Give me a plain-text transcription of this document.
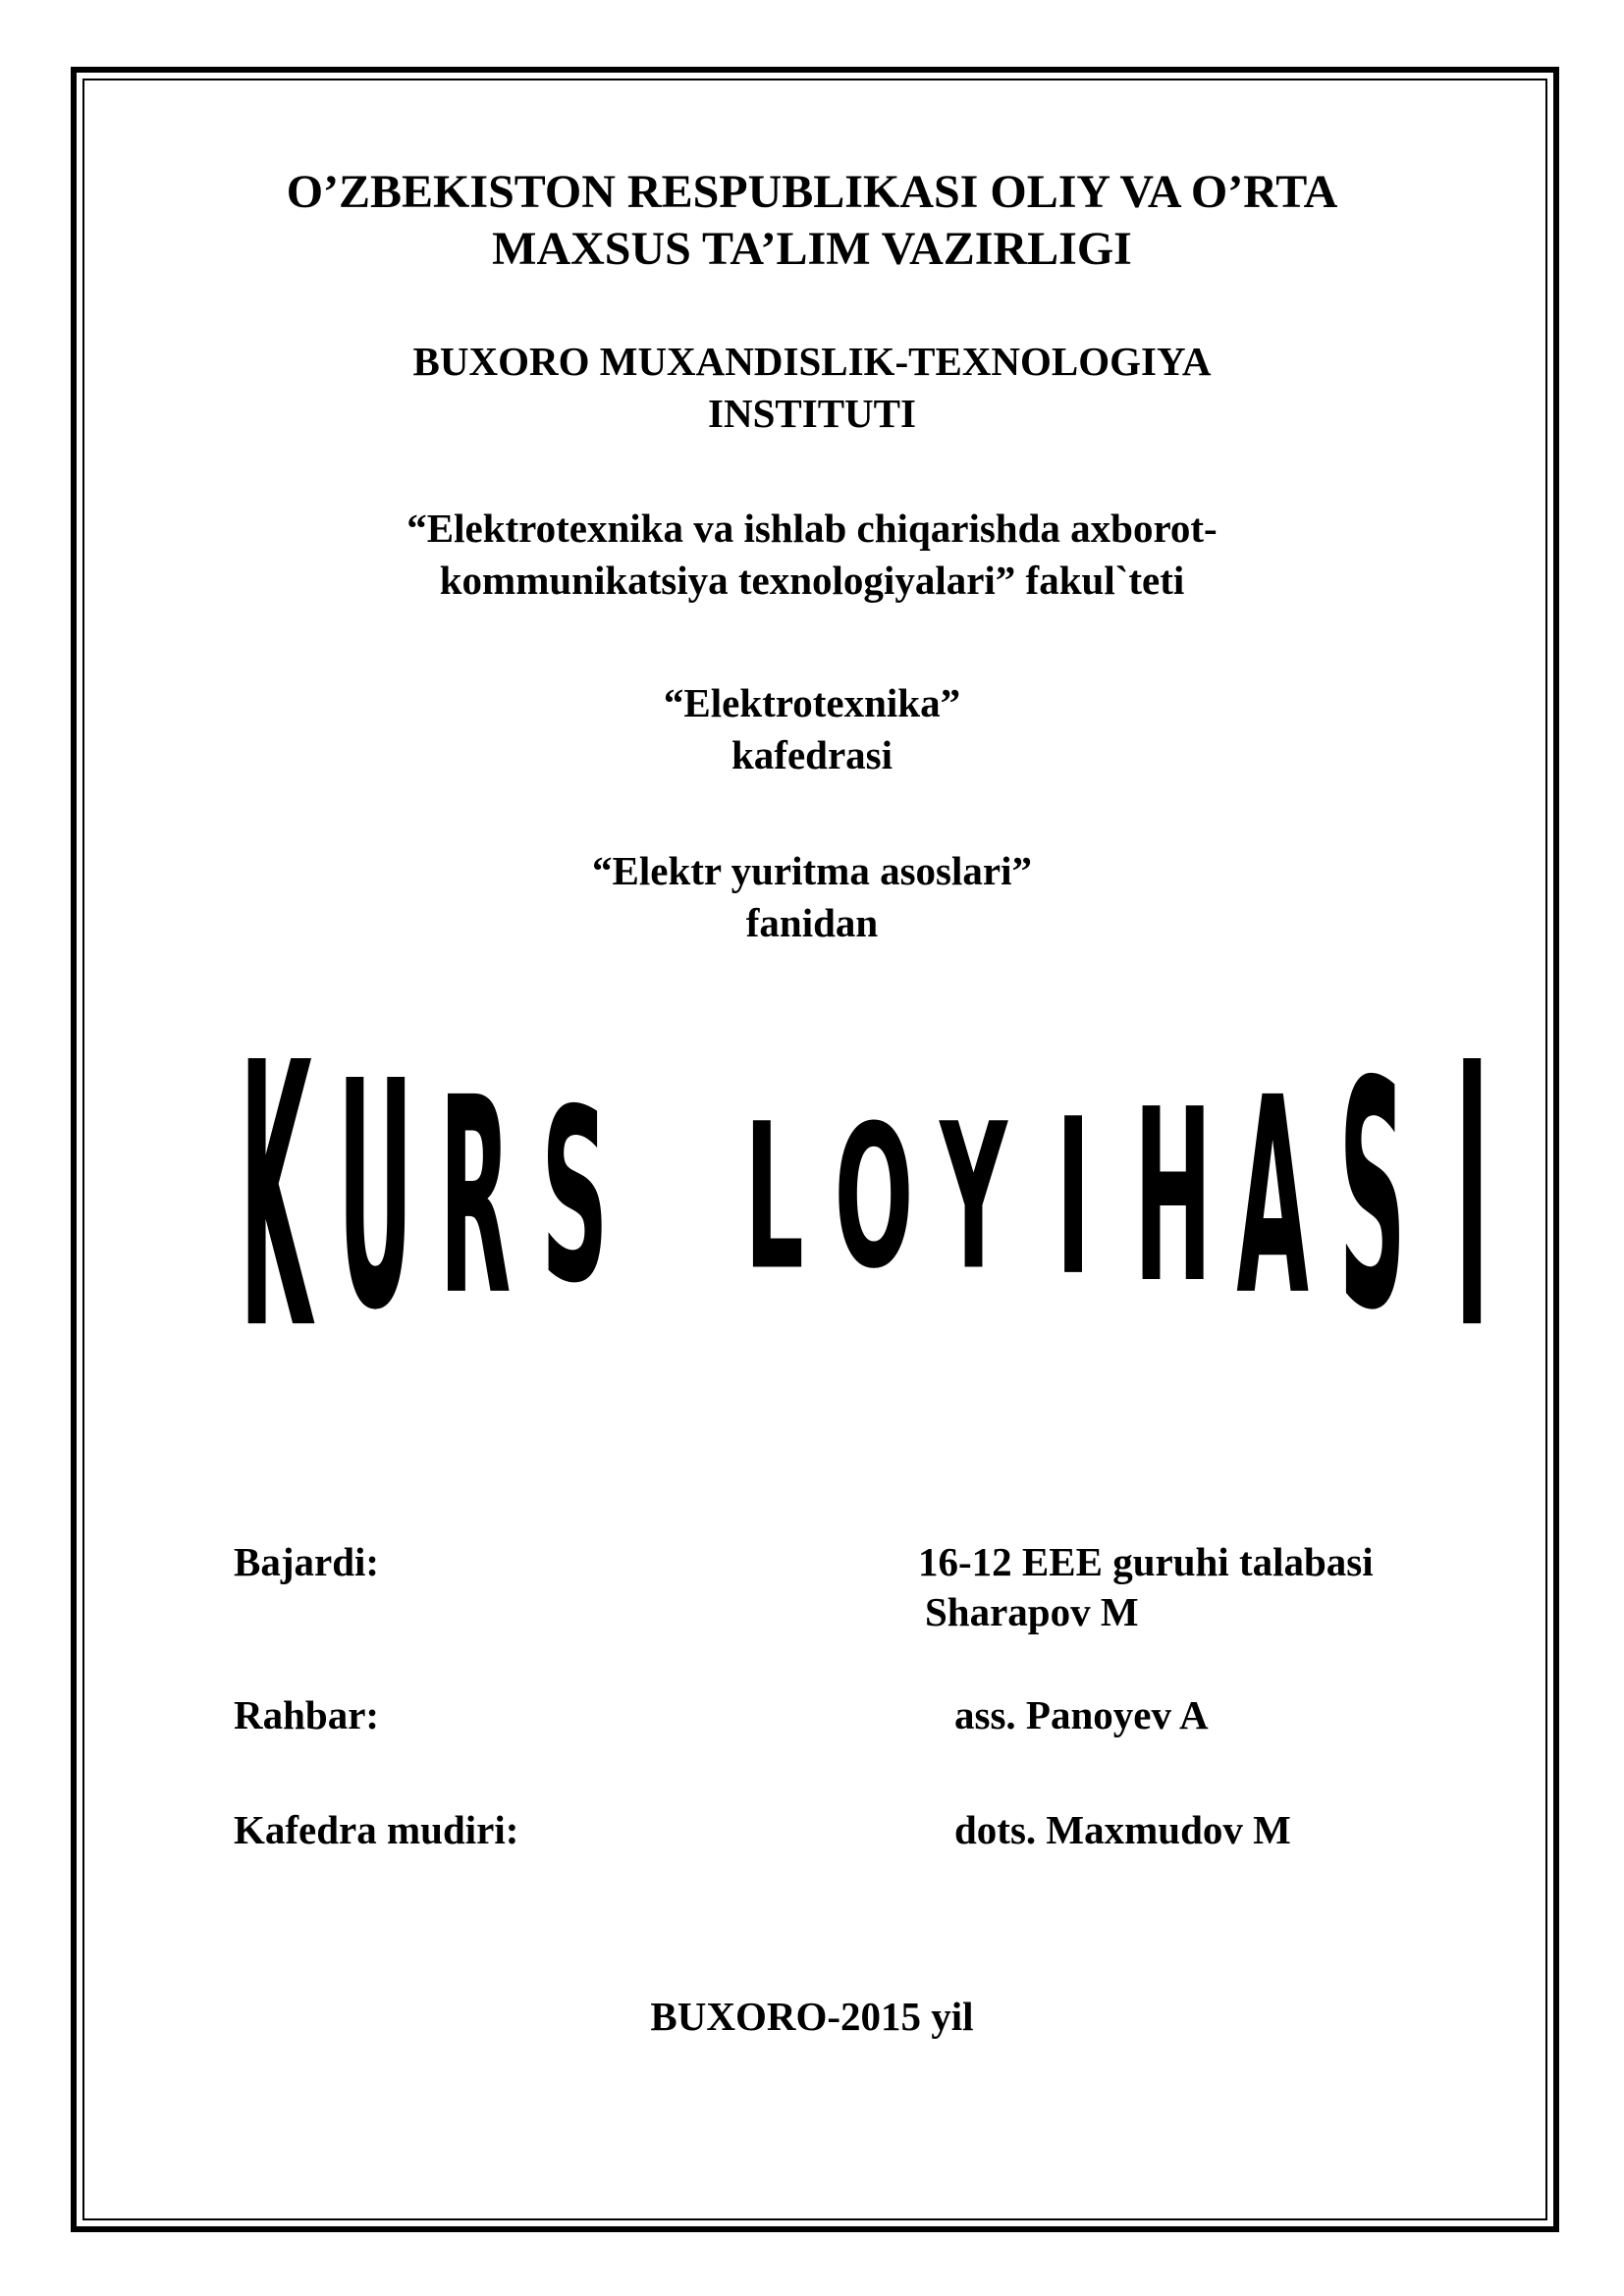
O’ZBEKISTON RESPUBLIKASI OLIY VA O’RTA
MAXSUS TA’LIM VAZIRLIGI
BUXORO MUXANDISLIK-TEXNOLOGIYA
INSTITUTI
“Elektrotexnika va ishlab chiqarishda axborot-
kommunikatsiya texnologiyalari” fakul`teti
“Elektrotexnika”
kafedrasi
“Elektr yuritma asoslari”
fanidan
K U R S L O Y I H A S I
Bajardi:	16-12 EEE guruhi talabasi
Sharapov M
Rahbar:	ass. Panoyev A
Kafedra mudiri:	dots. Maxmudov M
BUXORO-2015 yil
